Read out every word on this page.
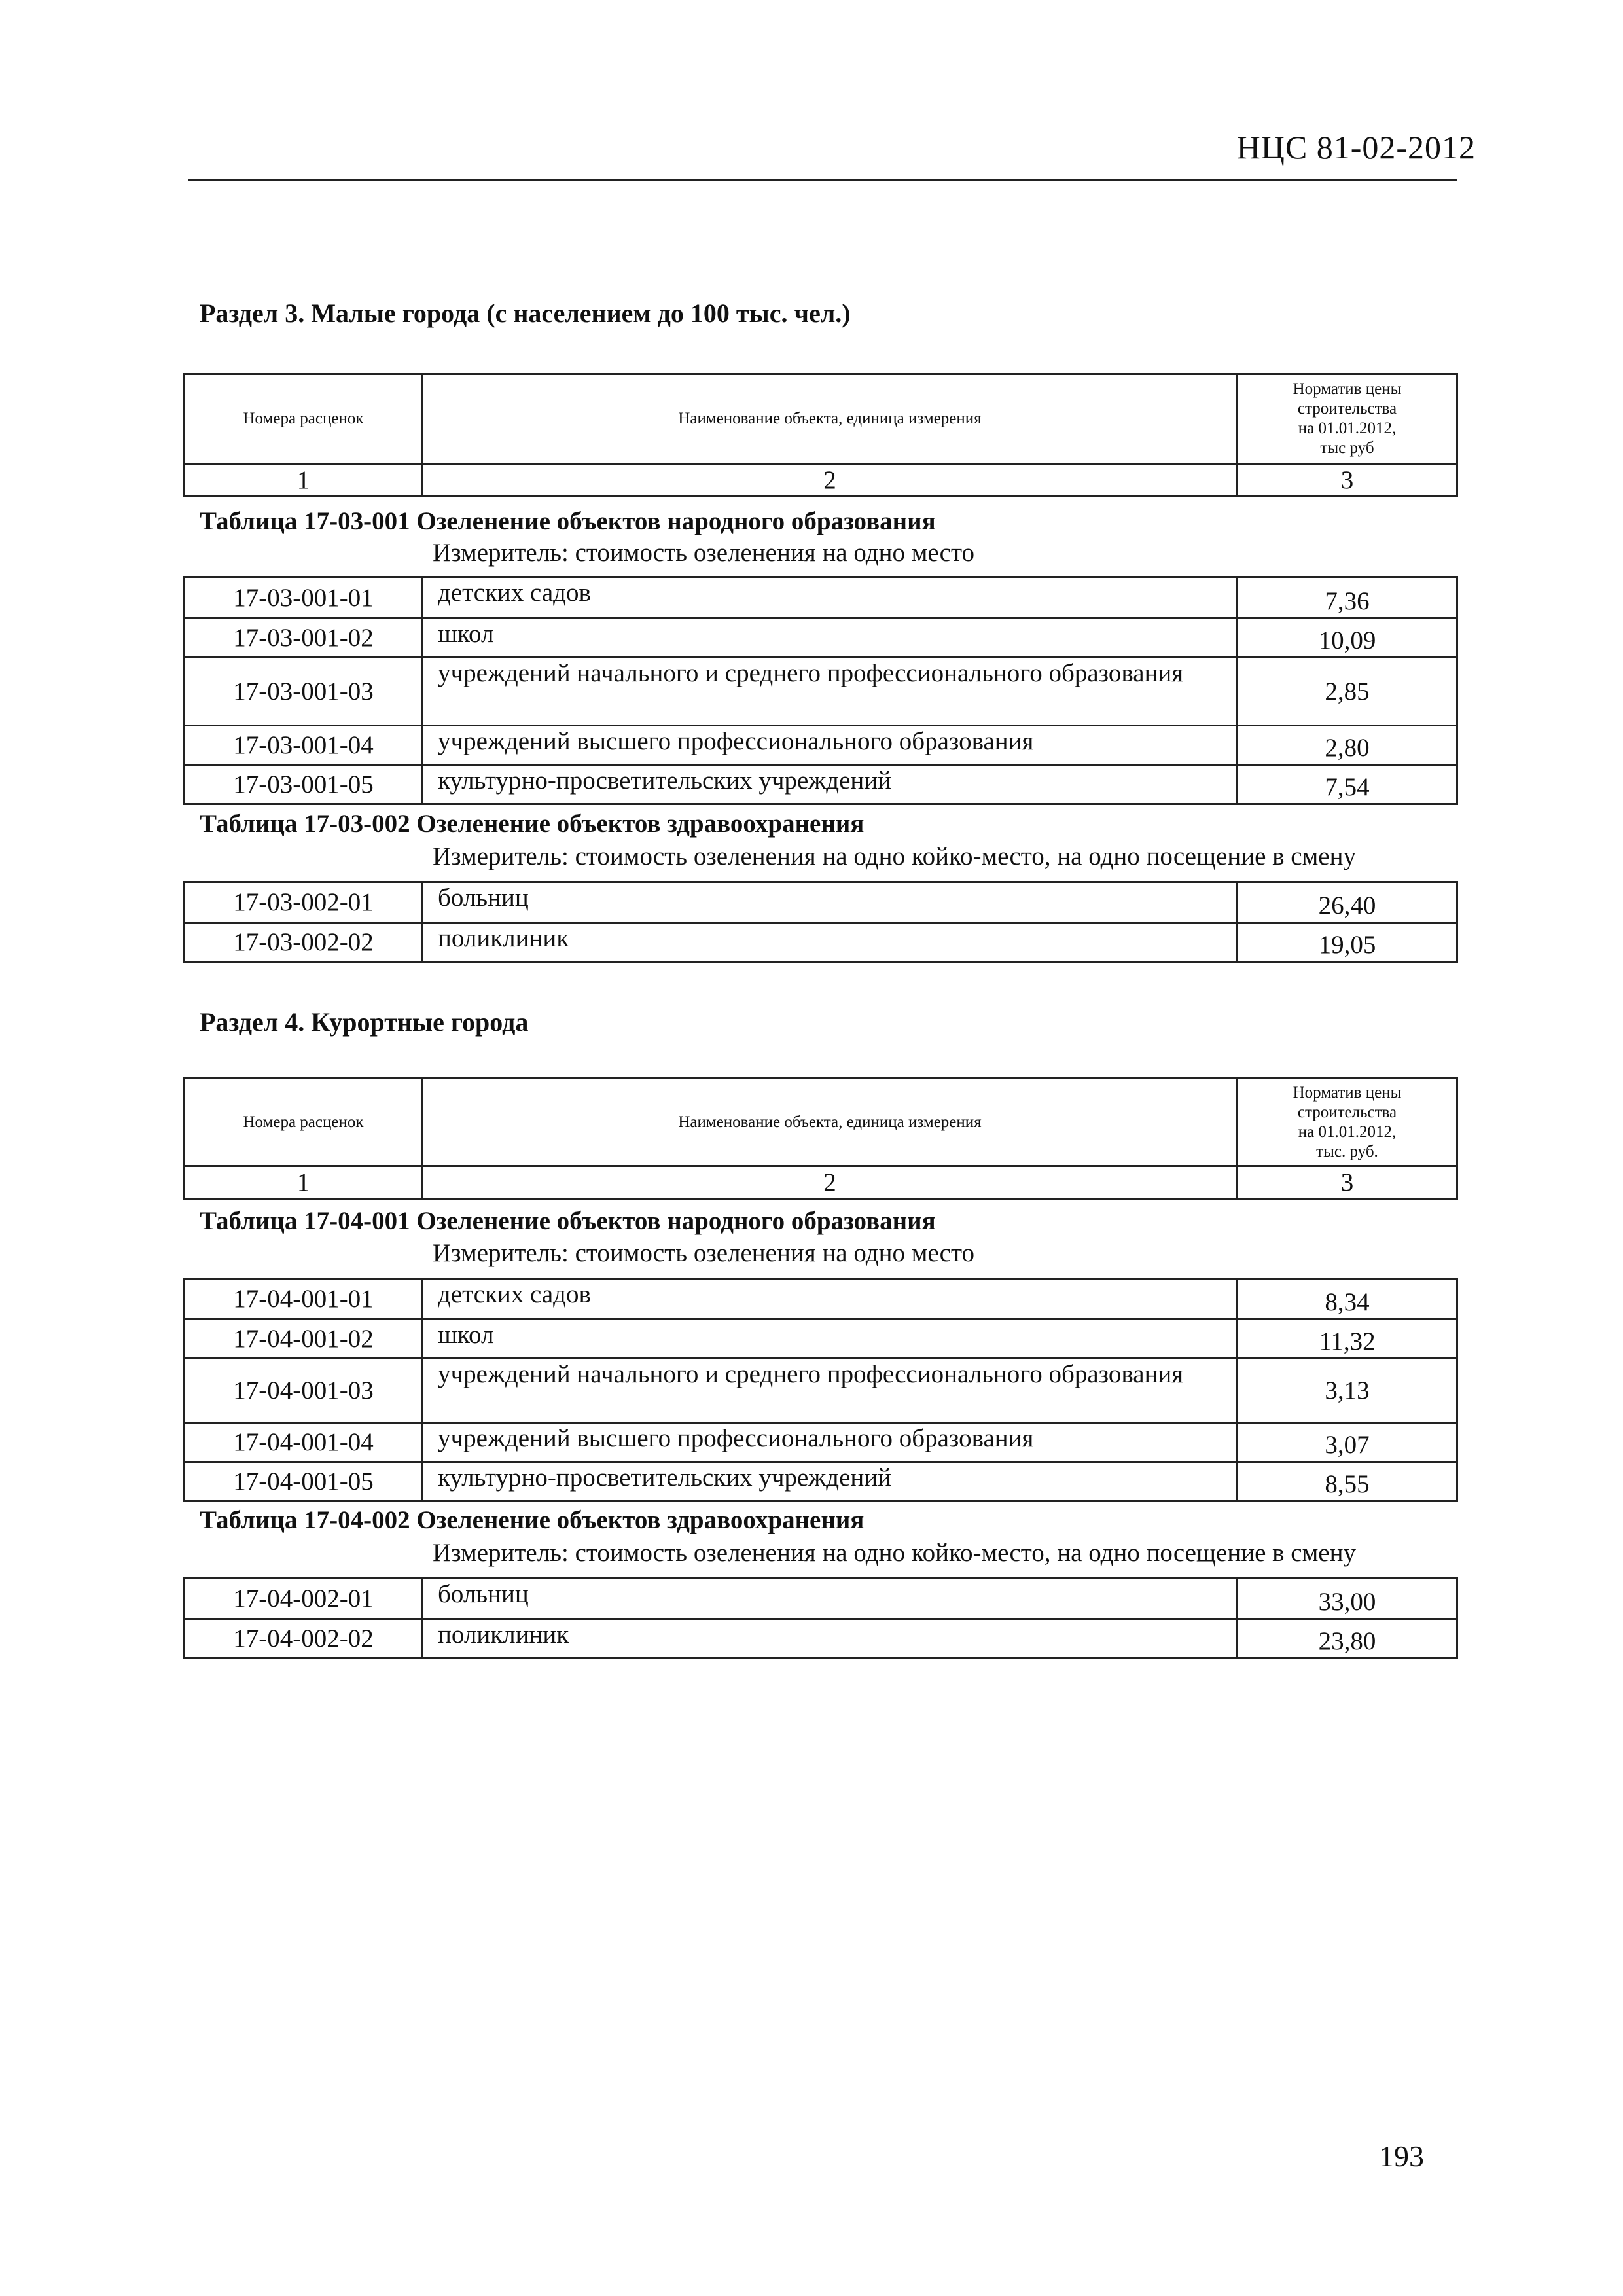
НЦС 81-02-2012
Раздел 3. Малые города (с населением до 100 тыс. чел.)
Номера расценок	Наименование объекта, единица измерения	Норматив цены
строительства
на 01.01.2012,
тыс руб

1	2	3
Таблица 17-03-001 Озеленение объектов народного образования
Измеритель: стоимость озеленения на одно место
17-03-001-01	детских садов	7,36
17-03-001-02	школ	10,09
17-03-001-03	учреждений начального и среднего профессионального образования	2,85
17-03-001-04	учреждений высшего профессионального образования	2,80
17-03-001-05	культурно-просветительских учреждений	7,54
Таблица 17-03-002 Озеленение объектов здравоохранения
Измеритель: стоимость озеленения на одно койко-место, на одно посещение в смену
17-03-002-01	больниц	26,40
17-03-002-02	поликлиник	19,05
Раздел 4. Курортные города
Номера расценок	Наименование объекта, единица измерения	Норматив цены
строительства
на 01.01.2012,
тыс. руб.

1	2	3
Таблица 17-04-001 Озеленение объектов народного образования
Измеритель: стоимость озеленения на одно место
17-04-001-01	детских садов	8,34
17-04-001-02	школ	11,32
17-04-001-03	учреждений начального и среднего профессионального образования	3,13
17-04-001-04	учреждений высшего профессионального образования	3,07
17-04-001-05	культурно-просветительских учреждений	8,55
Таблица 17-04-002 Озеленение объектов здравоохранения
Измеритель: стоимость озеленения на одно койко-место, на одно посещение в смену
17-04-002-01	больниц	33,00
17-04-002-02	поликлиник	23,80
193
